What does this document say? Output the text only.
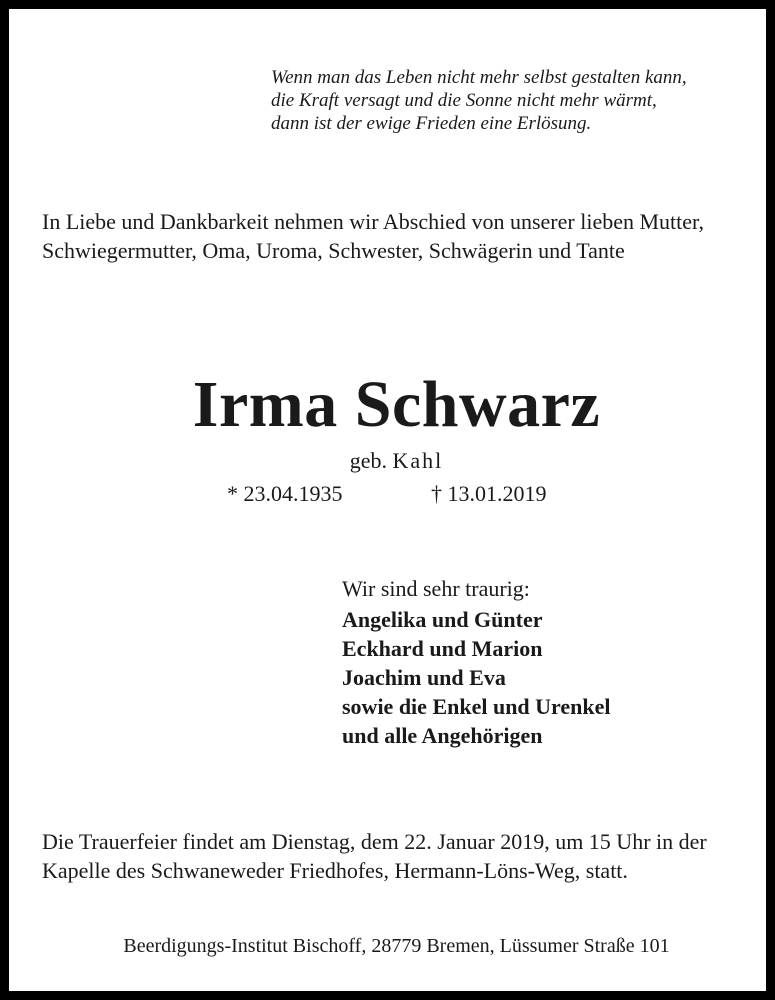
Wenn man das Leben nicht mehr selbst gestalten kann,
die Kraft versagt und die Sonne nicht mehr wärmt,
dann ist der ewige Frieden eine Erlösung.
In Liebe und Dankbarkeit nehmen wir Abschied von unserer lieben Mutter, Schwiegermutter, Oma, Uroma, Schwester, Schwägerin und Tante
Irma Schwarz
geb. Kahl
* 23.04.1935	† 13.01.2019
Wir sind sehr traurig:
Angelika und Günter
Eckhard und Marion
Joachim und Eva
sowie die Enkel und Urenkel
und alle Angehörigen
Die Trauerfeier findet am Dienstag, dem 22. Januar 2019, um 15 Uhr in der Kapelle des Schwaneweder Friedhofes, Hermann-Löns-Weg, statt.
Beerdigungs-Institut Bischoff, 28779 Bremen, Lüssumer Straße 101
